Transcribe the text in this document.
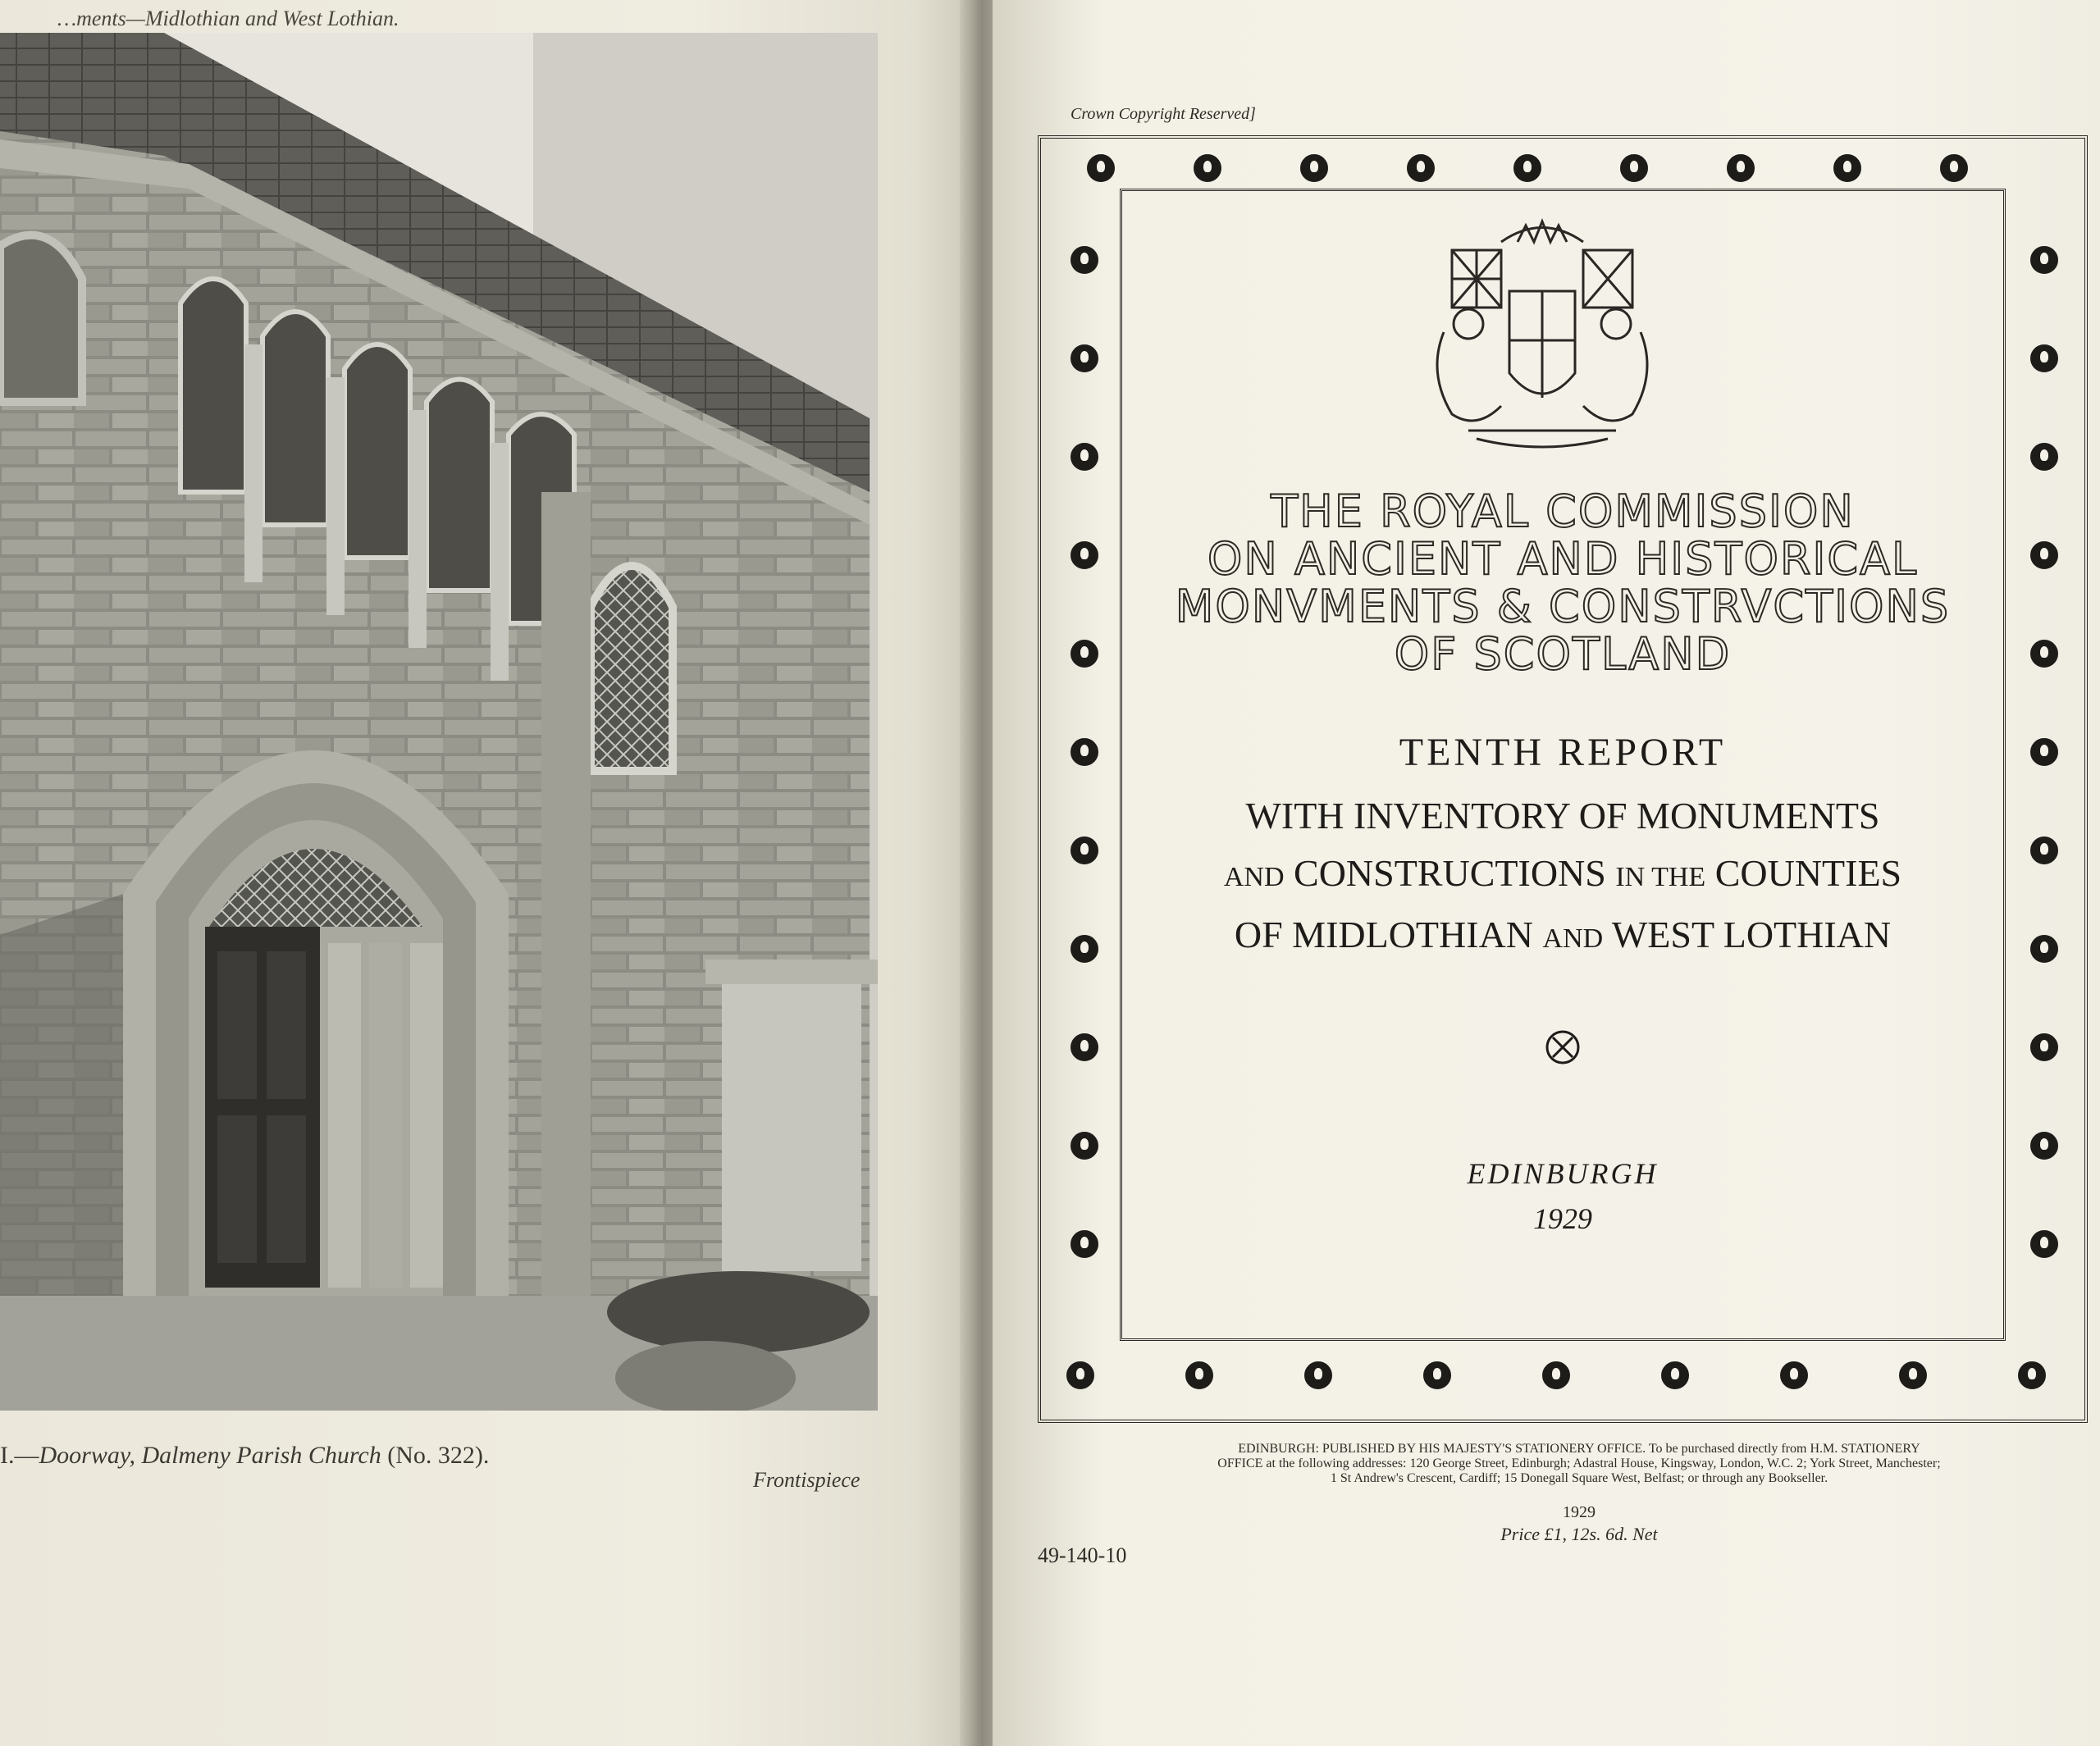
…ments—Midlothian and West Lothian.
I.—Doorway, Dalmeny Parish Church (No. 322).
Frontispiece
Crown Copyright Reserved]
THE ROYAL COMMISSION
ON ANCIENT AND HISTORICAL
MONVMENTS & CONSTRVCTIONS
OF SCOTLAND
TENTH REPORT
WITH INVENTORY OF MONUMENTS
AND CONSTRUCTIONS IN THE COUNTIES
OF MIDLOTHIAN AND WEST LOTHIAN
EDINBURGH
1929
EDINBURGH: PUBLISHED BY HIS MAJESTY'S STATIONERY OFFICE. To be purchased directly from H.M. STATIONERY
OFFICE at the following addresses: 120 George Street, Edinburgh; Adastral House, Kingsway, London, W.C. 2; York Street, Manchester;
1 St Andrew's Crescent, Cardiff; 15 Donegall Square West, Belfast; or through any Bookseller.
1929
Price £1, 12s. 6d. Net
49-140-10
